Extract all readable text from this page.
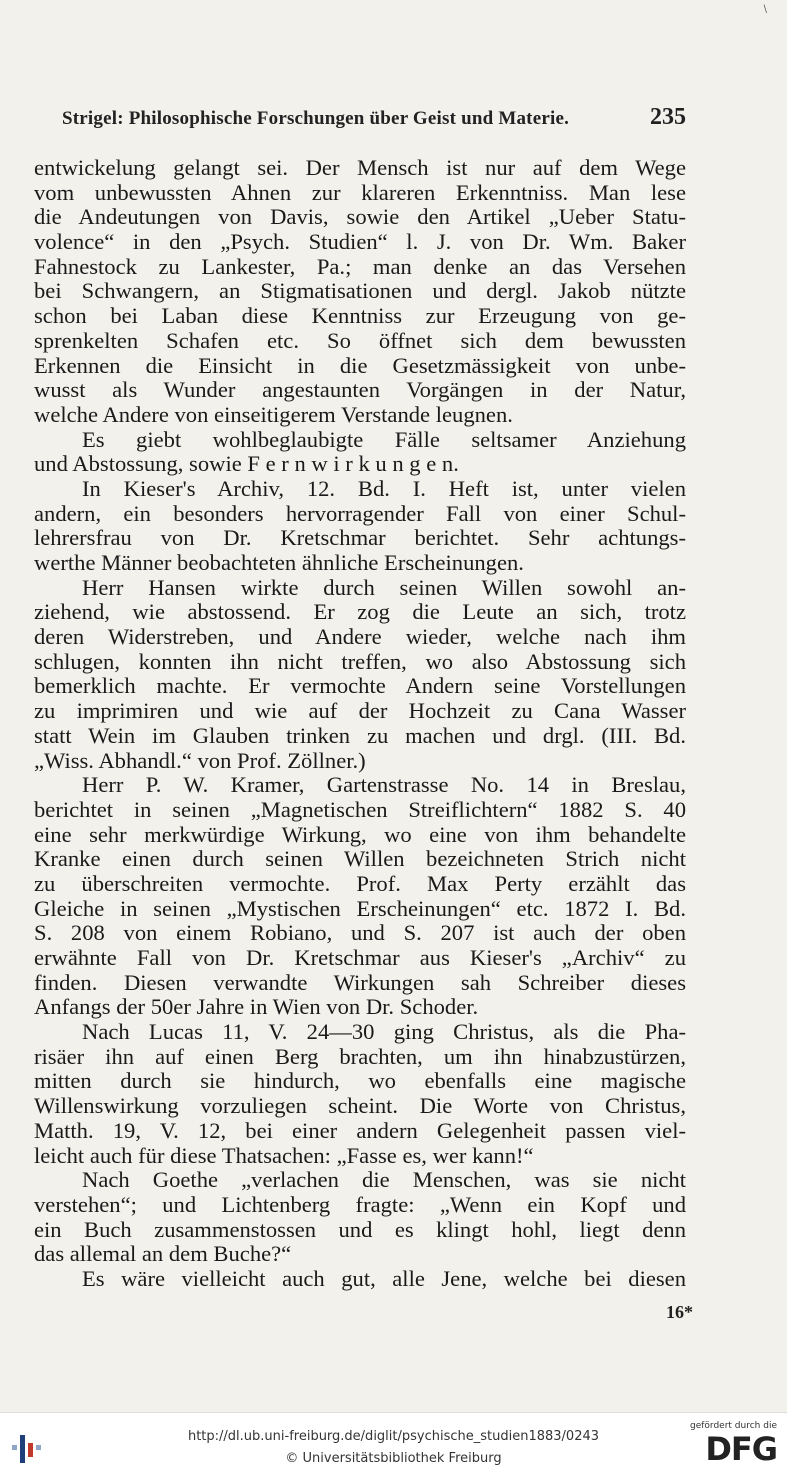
\
Strigel: Philosophische Forschungen über Geist und Materie.	235
entwickelung gelangt sei. Der Mensch ist nur auf dem Wege
vom unbewussten Ahnen zur klareren Erkenntniss. Man lese
die Andeutungen von Davis, sowie den Artikel „Ueber Statu-
volence“ in den „Psych. Studien“ l. J. von Dr. Wm. Baker
Fahnestock zu Lankester, Pa.; man denke an das Versehen
bei Schwangern, an Stigmatisationen und dergl. Jakob nützte
schon bei Laban diese Kenntniss zur Erzeugung von ge-
sprenkelten Schafen etc. So öffnet sich dem bewussten
Erkennen die Einsicht in die Gesetzmässigkeit von unbe-
wusst als Wunder angestaunten Vorgängen in der Natur,
welche Andere von einseitigerem Verstande leugnen.
Es giebt wohlbeglaubigte Fälle seltsamer Anziehung
und Abstossung, sowie F e r n w i r k u n g e n.
In Kieser's Archiv, 12. Bd. I. Heft ist, unter vielen
andern, ein besonders hervorragender Fall von einer Schul-
lehrersfrau von Dr. Kretschmar berichtet. Sehr achtungs-
werthe Männer beobachteten ähnliche Erscheinungen.
Herr Hansen wirkte durch seinen Willen sowohl an-
ziehend, wie abstossend. Er zog die Leute an sich, trotz
deren Widerstreben, und Andere wieder, welche nach ihm
schlugen, konnten ihn nicht treffen, wo also Abstossung sich
bemerklich machte. Er vermochte Andern seine Vorstellungen
zu imprimiren und wie auf der Hochzeit zu Cana Wasser
statt Wein im Glauben trinken zu machen und drgl. (III. Bd.
„Wiss. Abhandl.“ von Prof. Zöllner.)
Herr P. W. Kramer, Gartenstrasse No. 14 in Breslau,
berichtet in seinen „Magnetischen Streiflichtern“ 1882 S. 40
eine sehr merkwürdige Wirkung, wo eine von ihm behandelte
Kranke einen durch seinen Willen bezeichneten Strich nicht
zu überschreiten vermochte. Prof. Max Perty erzählt das
Gleiche in seinen „Mystischen Erscheinungen“ etc. 1872 I. Bd.
S. 208 von einem Robiano, und S. 207 ist auch der oben
erwähnte Fall von Dr. Kretschmar aus Kieser's „Archiv“ zu
finden. Diesen verwandte Wirkungen sah Schreiber dieses
Anfangs der 50er Jahre in Wien von Dr. Schoder.
Nach Lucas 11, V. 24—30 ging Christus, als die Pha-
risäer ihn auf einen Berg brachten, um ihn hinabzustürzen,
mitten durch sie hindurch, wo ebenfalls eine magische
Willenswirkung vorzuliegen scheint. Die Worte von Christus,
Matth. 19, V. 12, bei einer andern Gelegenheit passen viel-
leicht auch für diese Thatsachen: „Fasse es, wer kann!“
Nach Goethe „verlachen die Menschen, was sie nicht
verstehen“; und Lichtenberg fragte: „Wenn ein Kopf und
ein Buch zusammenstossen und es klingt hohl, liegt denn
das allemal an dem Buche?“
Es wäre vielleicht auch gut, alle Jene, welche bei diesen
16*
http://dl.ub.uni-freiburg.de/diglit/psychische_studien1883/0243
© Universitätsbibliothek Freiburg
gefördert durch die
DFG
